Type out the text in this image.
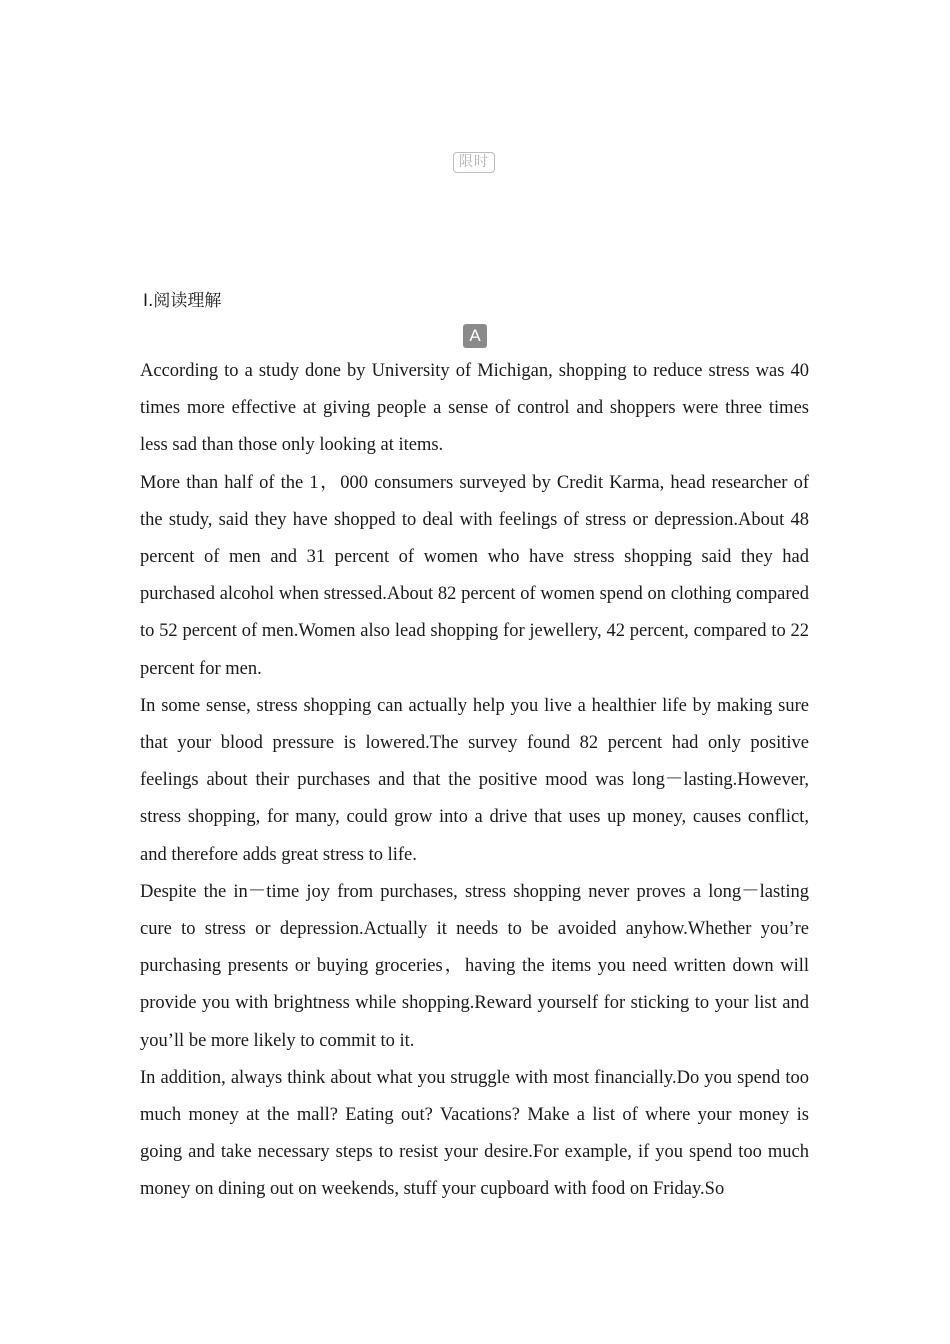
限时
Ⅰ.阅读理解
A

According to a study done by University of Michigan, shopping to reduce stress was 40 times more effective at giving people a sense of control and shoppers were three times less sad than those only looking at items.

More than half of the 1，000 consumers surveyed by Credit Karma, head researcher of the study, said they have shopped to deal with feelings of stress or depression.About 48 percent of men and 31 percent of women who have stress shopping said they had purchased alcohol when stressed.About 82 percent of women spend on clothing compared to 52 percent of men.Women also lead shopping for jewellery, 42 percent, compared to 22 percent for men.

In some sense, stress shopping can actually help you live a healthier life by making sure that your blood pressure is lowered.The survey found 82 percent had only positive feelings about their purchases and that the positive mood was long－lasting.However, stress shopping, for many, could grow into a drive that uses up money, causes conflict, and therefore adds great stress to life.

Despite the in－time joy from purchases, stress shopping never proves a long－lasting cure to stress or depression.Actually it needs to be avoided anyhow.Whether you’re purchasing presents or buying groceries，having the items you need written down will provide you with brightness while shopping.Reward yourself for sticking to your list and you’ll be more likely to commit to it.

In addition, always think about what you struggle with most financially.Do you spend too much money at the mall? Eating out? Vacations? Make a list of where your money is going and take necessary steps to resist your desire.For example, if you spend too much money on dining out on weekends, stuff your cupboard with food on Friday.So
